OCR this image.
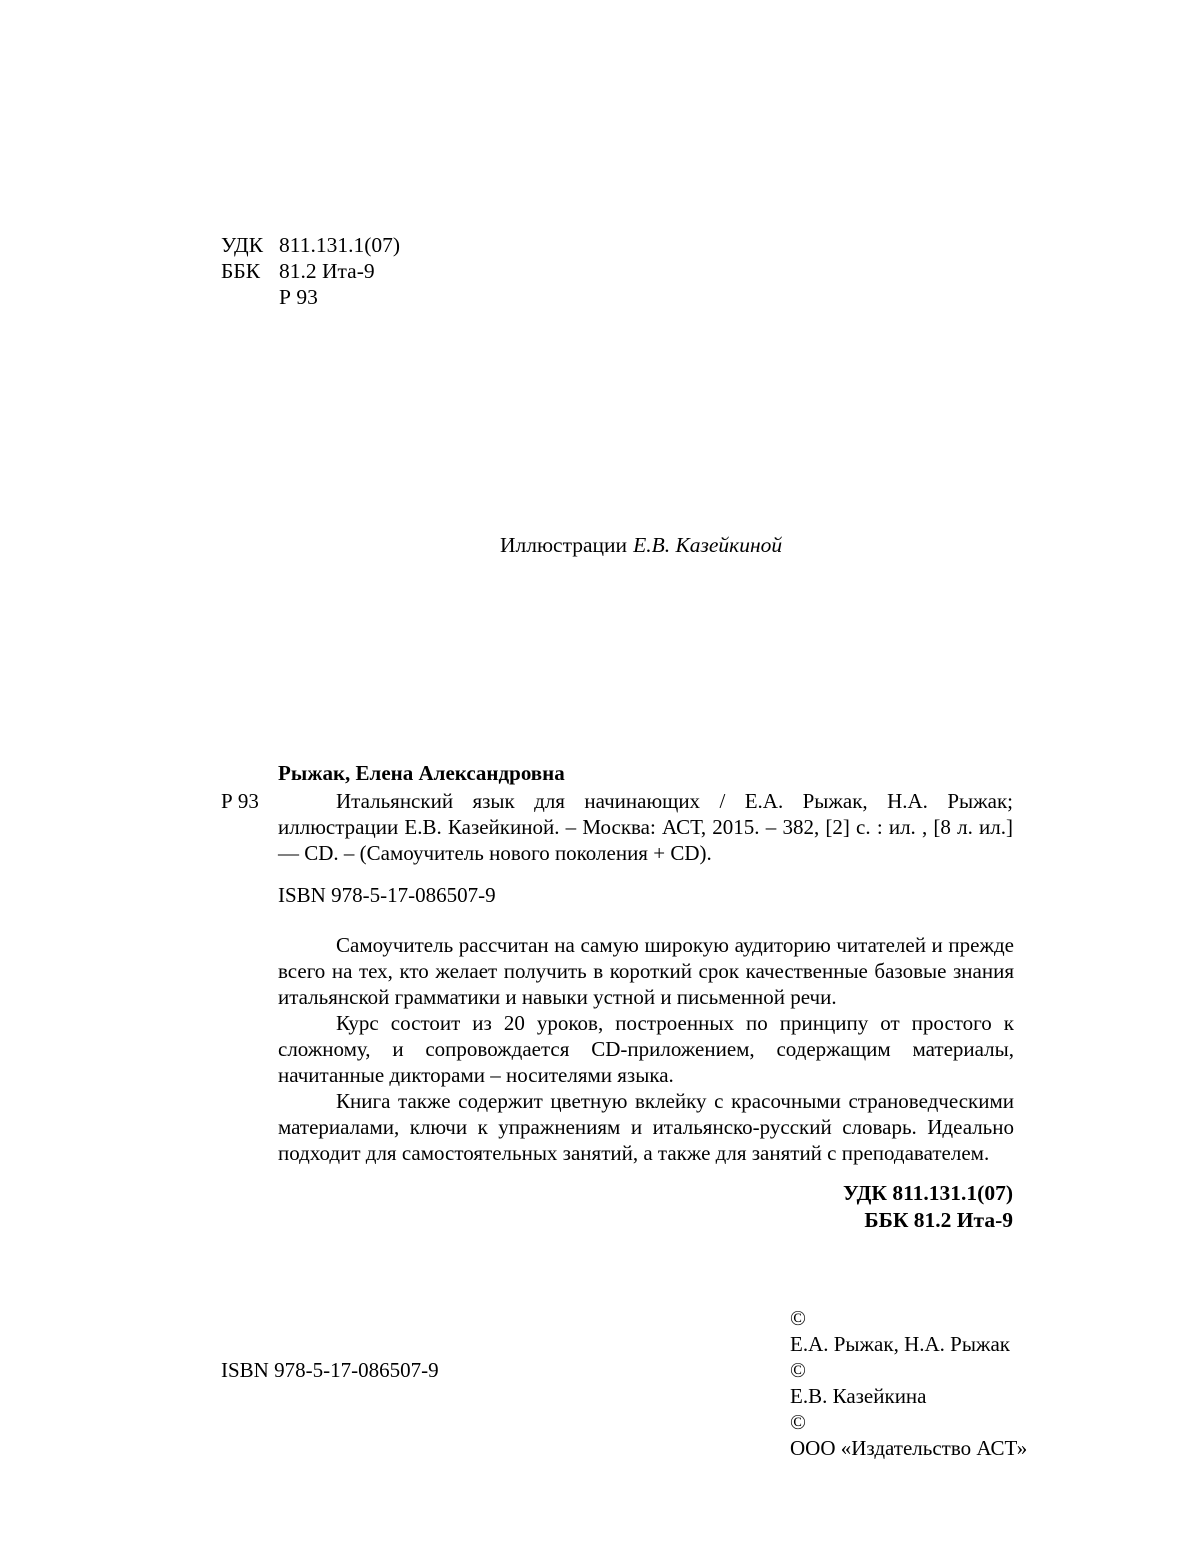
УДК 811.131.1(07)
ББК 81.2 Ита-9
Р 93
Иллюстрации Е.В. Казейкиной
Рыжак, Елена Александровна
Р 93	Итальянский язык для начинающих / Е.А. Рыжак, Н.А. Рыжак; иллюстрации Е.В. Казейкиной. – Москва: АСТ, 2015. – 382, [2] с. : ил. , [8 л. ил.] — CD. – (Самоучитель нового поколения + CD).
ISBN 978-5-17-086507-9

Самоучитель рассчитан на самую широкую аудиторию читателей и прежде всего на тех, кто желает получить в короткий срок качественные базовые знания итальянской грамматики и навыки устной и письменной речи.

Курс состоит из 20 уроков, построенных по принципу от простого к сложному, и сопровождается CD-приложением, содержащим материалы, начитанные дикторами – носителями языка.

Книга также содержит цветную вклейку с красочными страноведческими материалами, ключи к упражнениям и итальянско-русский словарь. Идеально подходит для самостоятельных занятий, а также для занятий с преподавателем.

УДК 811.131.1(07)
ББК 81.2 Ита-9
©
Е.А. Рыжак, Н.А. Рыжак
©
Е.В. Казейкина
©
ООО «Издательство АСТ»
ISBN 978-5-17-086507-9
